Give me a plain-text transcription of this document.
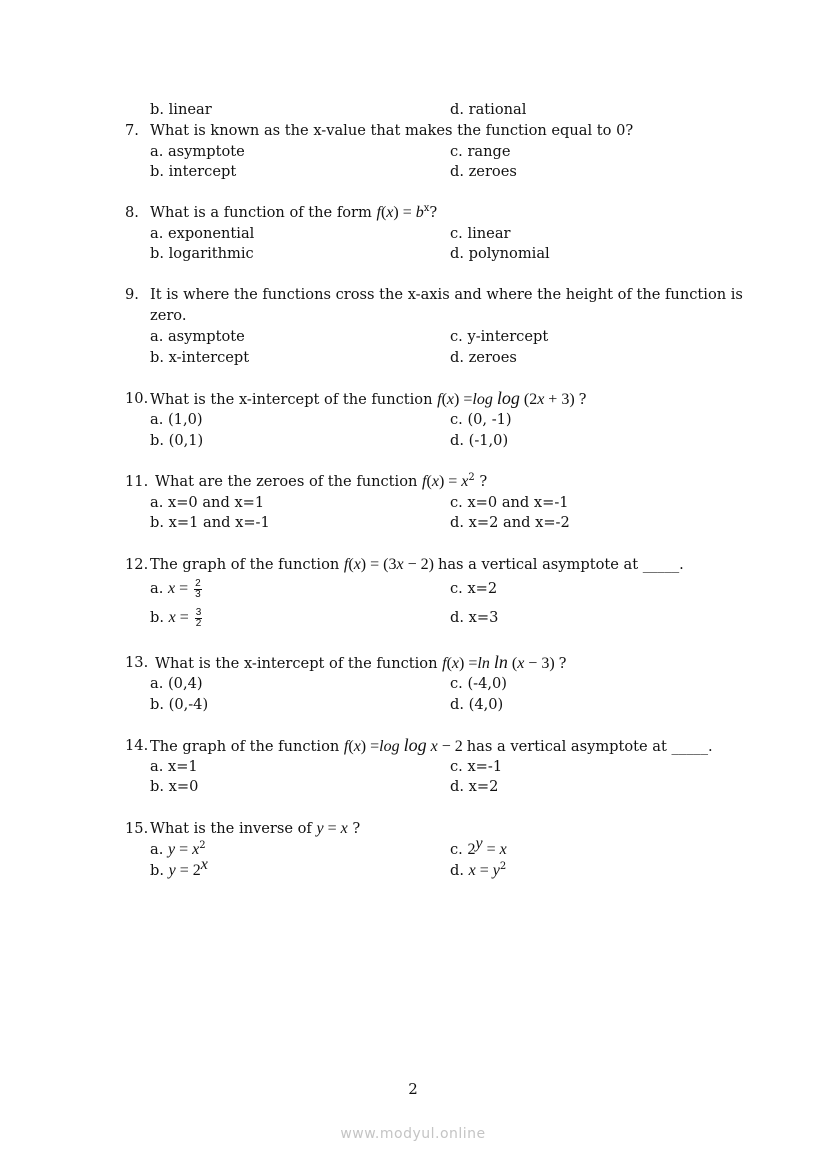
b. linear	d. rational
7. What is known as the x-value that makes the function equal to 0?
a. asymptote	c. range
b. intercept	d. zeroes
8. What is a function of the form $f(x) = b^x$?
a. exponential	c. linear
b. logarithmic	d. polynomial
9. It is where the functions cross the x-axis and where the height of the function is
zero.
a. asymptote	c. y-intercept
b. x-intercept	d. zeroes
10. What is the x-intercept of the function f(x) =log log (2x + 3) ?
a. (1,0)	c. (0, -1)
b. (0,1)	d. (-1,0)
11. What are the zeroes of the function $f(x) = x^2$ ?
a. x=0 and x=1	c. x=0 and x=-1
b. x=1 and x=-1	d. x=2 and x=-2
12. The graph of the function f(x) = (3x − 2) has a vertical asymptote at _____.
a. $x = \frac{2}{3}$	c. x=2
b. $x = \frac{3}{2}$	d. x=3
13. What is the x-intercept of the function f(x) =ln ln (x − 3) ?
a. (0,4)	c. (-4,0)
b. (0,-4)	d. (4,0)
14. The graph of the function f(x) =log log x − 2 has a vertical asymptote at _____.
a. x=1	c. x=-1
b. x=0	d. x=2
15. What is the inverse of y = x ?
a. $y = x^2$	c. $2^y = x$
b. $y = 2^x$	d. $x = y^2$
2
www.modyul.online
